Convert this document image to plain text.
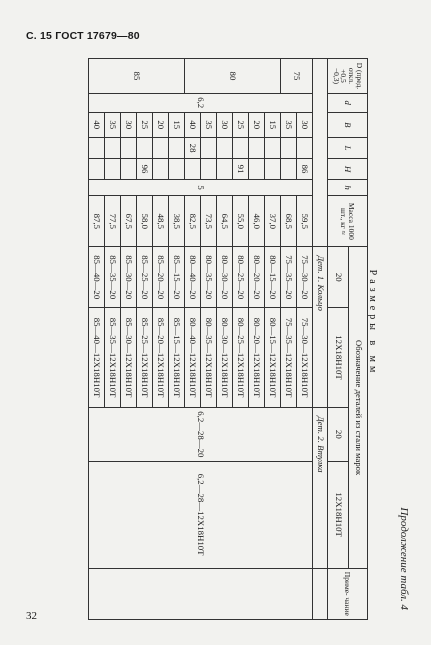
С. 15 ГОСТ 17679—80
32
Продолжение табл. 4
Размеры в мм
D (пред. откл. +0,5 −0,3)	d	B	L	H	h	Масса 1000 шт., кг ≈	Обозначение деталей из стали марок				Приме- чание
							20	12Х18Н10Т	20	12Х18Н10Т	
							Дет. 1. Кольцо		Дет. 2. Втулка		
75	6,2	30		86	5	59,5	75—30—20	75—30—12Х18Н10Т	6,2—28—20	6,2—28—12Х18Н10Т	
		35				68,5	75—35—20	75—35—12Х18Н10Т			
80		15				37,0	80—15—20	80—15—12Х18Н10Т			
		20				46,0	80—20—20	80—20—12Х18Н10Т			
		25		91		55,0	80—25—20	80—25—12Х18Н10Т			
		30				64,5	80—30—20	80—30—12Х18Н10Т			
		35				73,5	80—35—20	80—35—12Х18Н10Т			
		40	28			82,5	80—40—20	80—40—12Х18Н10Т			
85		15				38,5	85—15—20	85—15—12Х18Н10Т			
		20				48,5	85—20—20	85—20—12Х18Н10Т			
		25		96		58,0	85—25—20	85—25—12Х18Н10Т			
		30				67,5	85—30—20	85—30—12Х18Н10Т			
		35				77,5	85—35—20	85—35—12Х18Н10Т			
		40				87,5	85—40—20	85—40—12Х18Н10Т			
